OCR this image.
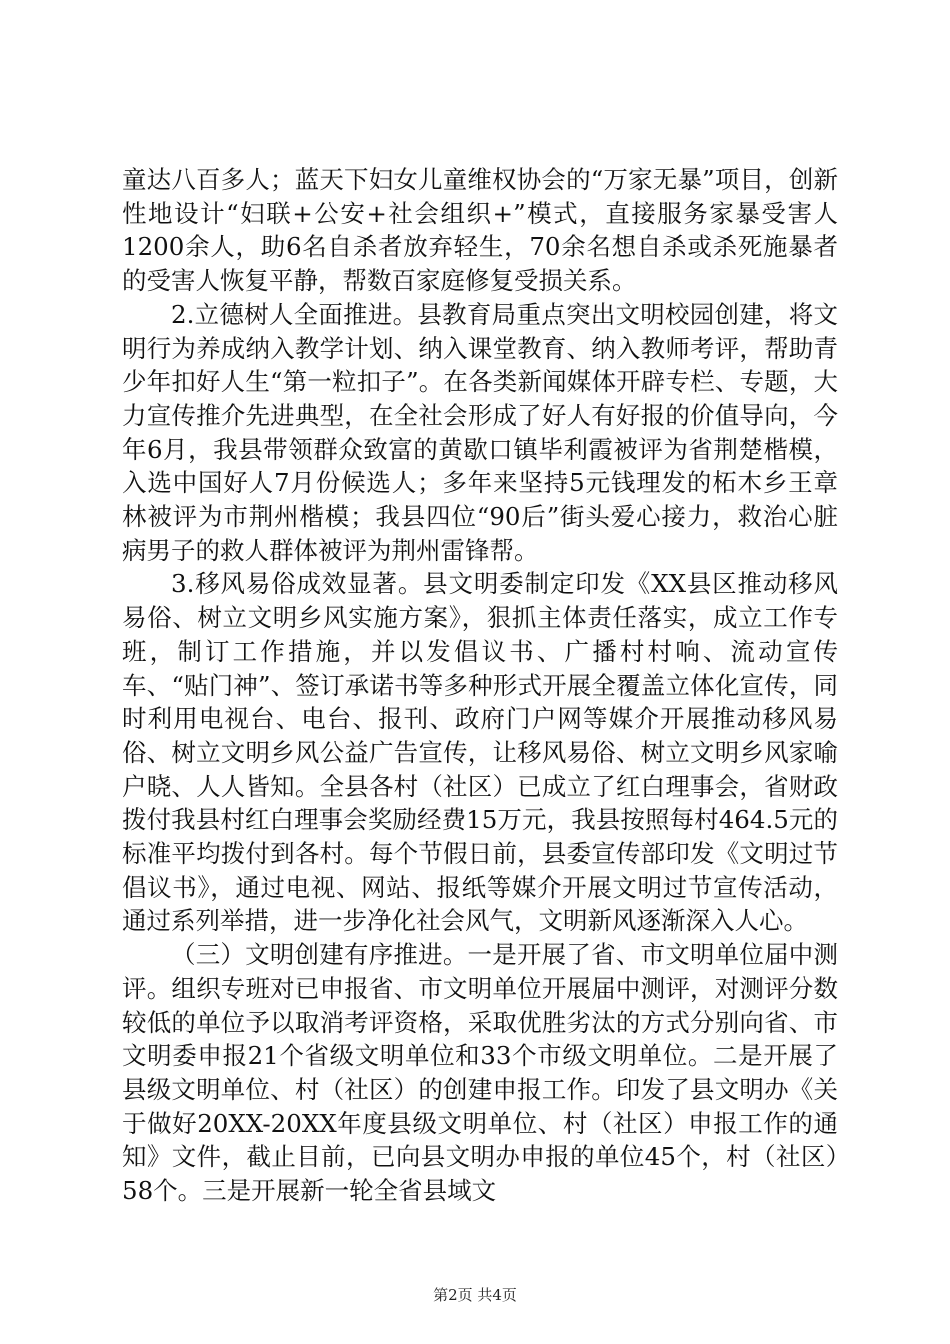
童达八百多人；蓝天下妇女儿童维权协会的“万家无暴”项目，创新性地设计“妇联+公安+社会组织+”模式，直接服务家暴受害人1200余人，助6名自杀者放弃轻生，70余名想自杀或杀死施暴者的受害人恢复平静，帮数百家庭修复受损关系。

2.立德树人全面推进。县教育局重点突出文明校园创建，将文明行为养成纳入教学计划、纳入课堂教育、纳入教师考评，帮助青少年扣好人生“第一粒扣子”。在各类新闻媒体开辟专栏、专题，大力宣传推介先进典型，在全社会形成了好人有好报的价值导向，今年6月，我县带领群众致富的黄歇口镇毕利霞被评为省荆楚楷模，入选中国好人7月份候选人；多年来坚持5元钱理发的柘木乡王章林被评为市荆州楷模；我县四位“90后”街头爱心接力，救治心脏病男子的救人群体被评为荆州雷锋帮。

3.移风易俗成效显著。县文明委制定印发《XX县区推动移风易俗、树立文明乡风实施方案》，狠抓主体责任落实，成立工作专班，制订工作措施，并以发倡议书、广播村村响、流动宣传车、“贴门神”、签订承诺书等多种形式开展全覆盖立体化宣传，同时利用电视台、电台、报刊、政府门户网等媒介开展推动移风易俗、树立文明乡风公益广告宣传，让移风易俗、树立文明乡风家喻户晓、人人皆知。全县各村（社区）已成立了红白理事会，省财政拨付我县村红白理事会奖励经费15万元，我县按照每村464.5元的标准平均拨付到各村。每个节假日前，县委宣传部印发《文明过节倡议书》，通过电视、网站、报纸等媒介开展文明过节宣传活动，通过系列举措，进一步净化社会风气，文明新风逐渐深入人心。

（三）文明创建有序推进。一是开展了省、市文明单位届中测评。组织专班对已申报省、市文明单位开展届中测评，对测评分数较低的单位予以取消考评资格，采取优胜劣汰的方式分别向省、市文明委申报21个省级文明单位和33个市级文明单位。二是开展了县级文明单位、村（社区）的创建申报工作。印发了县文明办《关于做好20XX-20XX年度县级文明单位、村（社区）申报工作的通知》文件，截止目前，已向县文明办申报的单位45个，村（社区）58个。三是开展新一轮全省县域文

第2页 共4页
